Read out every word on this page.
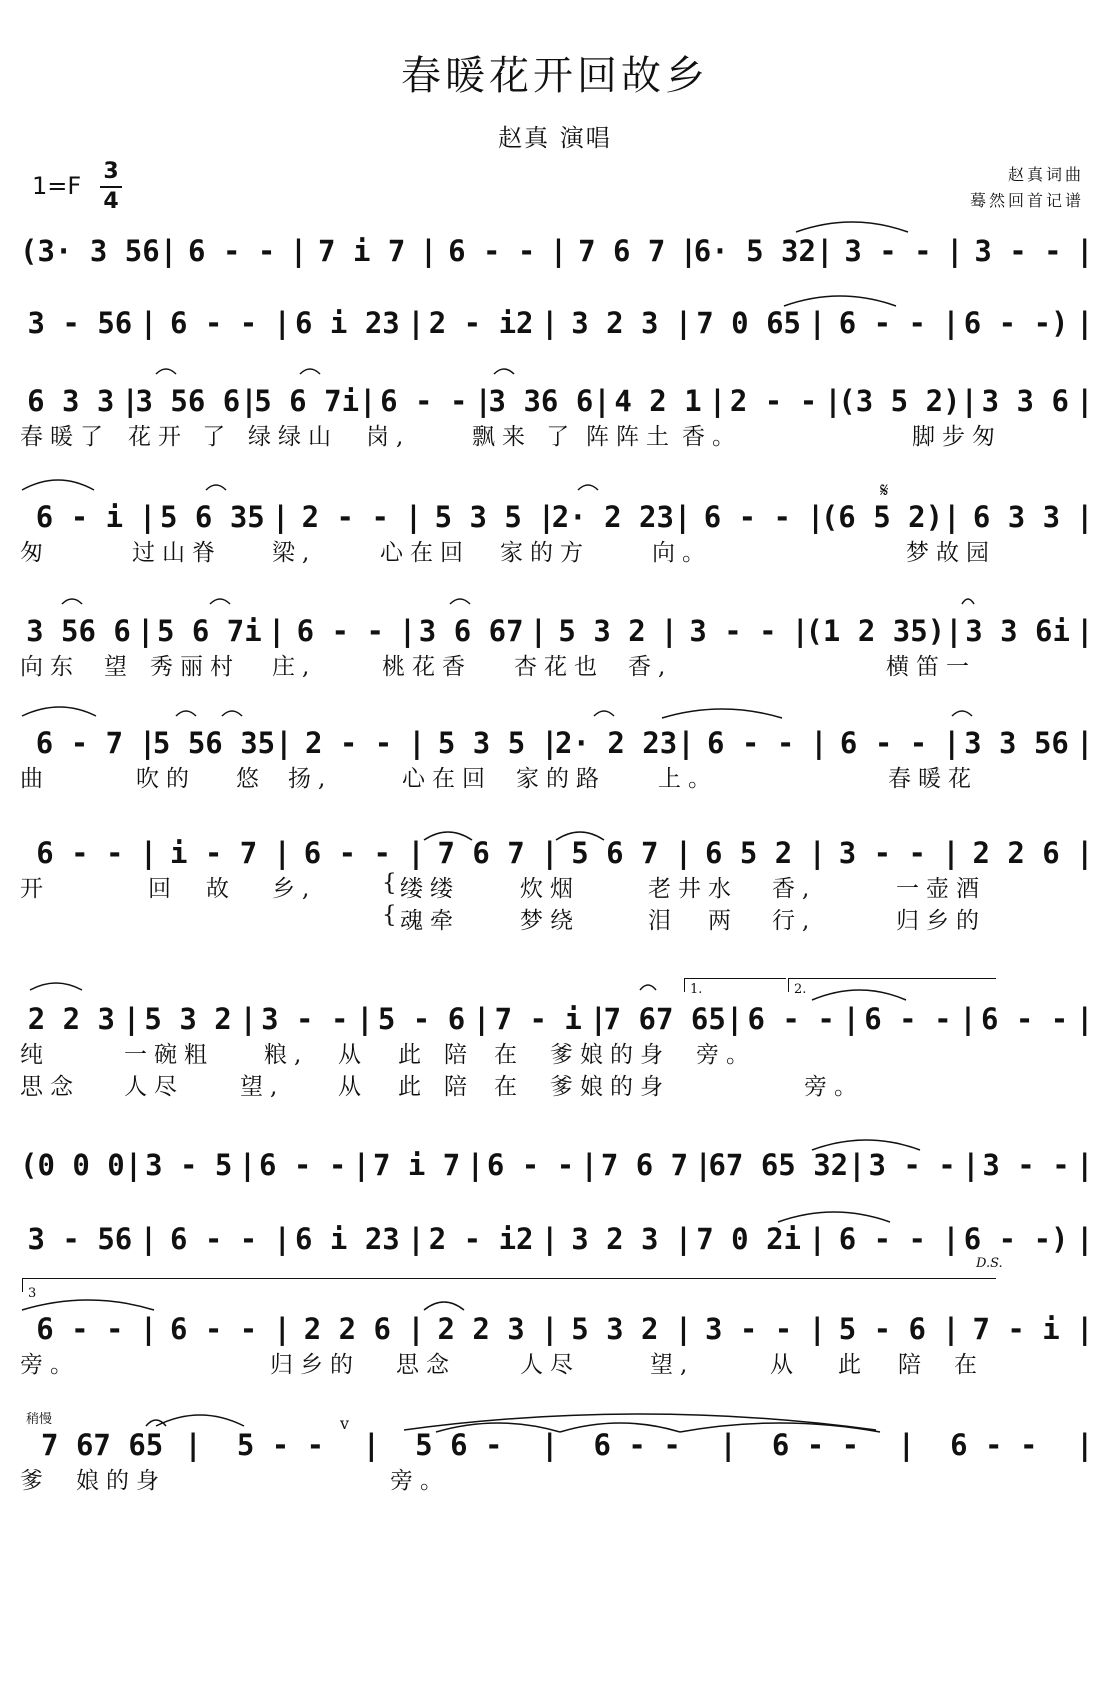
春暖花开回故乡
赵真 演唱
1=F
3
4
赵真词曲
蓦然回首记谱
(3· 3 56 | 6 - - | 7 i 7 | 6 - - | 7 6 7 |
6· 5 32 | 3 - - | 3 - - |
3 - 56 | 6 - - | 6 i 23 | 2 - i2 | 3 2 3 | 7 0 65 | 6 - - | 6 - -) |
6 3 3 |
3 56 6 |
5 6 7i | 6 - - |
3 36 6 | 4 2 1 | 2 - - |
(3 5 2) | 3 3 6 |
春暖了 花开 了 绿绿山 岗,	飘来 了 阵阵土 香。	脚步匆
6 - i | 5 6 35 | 2 - - | 5 3 5 |
2· 2 23 | 6 - - |
(6 5 2) | 6 3 3 |
匆	过山脊 梁,	心在回 家的方	向。	梦故园
3 56 6 | 5 6 7i | 6 - - | 3 6 67 | 5 3 2 | 3 - - |
(1 2 35) | 3 3 6i |
向东 望 秀丽村 庄,	桃花香 杏花也 香,	横笛一
6 - 7 |
5 56 35 | 2 - - | 5 3 5 |
2· 2 23 | 6 - - | 6 - - | 3 3 56 |
曲	吹的 悠 扬,	心在回 家的路 上。	春暖花
6 - - | i - 7 | 6 - - | 7 6 7 | 5 6 7 | 6 5 2 | 3 - - | 2 2 6 |
开	回 故 乡,	{
缕缕	炊烟	老井水 香,	一壶酒
{
魂牵	梦绕	泪 两 行,	归乡的
2 2 3 | 5 3 2 | 3 - - | 5 - 6 | 7 - i |
7 67 65 | 6 - - | 6 - - | 6 - - |
纯	一碗粗 粮, 从 此 陪 在 爹娘的身 旁。
思念 人尽 望, 从 此 陪 在 爹娘的身	旁。
(0 0 0 | 3 - 5 | 6 - - | 7 i 7 | 6 - - | 7 6 7 |
67 65 32 | 3 - - | 3 - - |
3 - 56 | 6 - - | 6 i 23 | 2 - i2 | 3 2 3 | 7 0 2i | 6 - - | 6 - -) |
6 - - | 6 - - | 2 2 6 | 2 2 3 | 5 3 2 | 3 - - | 5 - 6 | 7 - i |
旁。	归乡的 思念	人尽	望,	从 此 陪 在
7 67 65 |	5 - -	|	5 6 -	|	6 - -	|	6 - -	|	6 - -	|
爹 娘的身	旁。
𝄋
1.	2.
D.S.
3
稍慢	v
